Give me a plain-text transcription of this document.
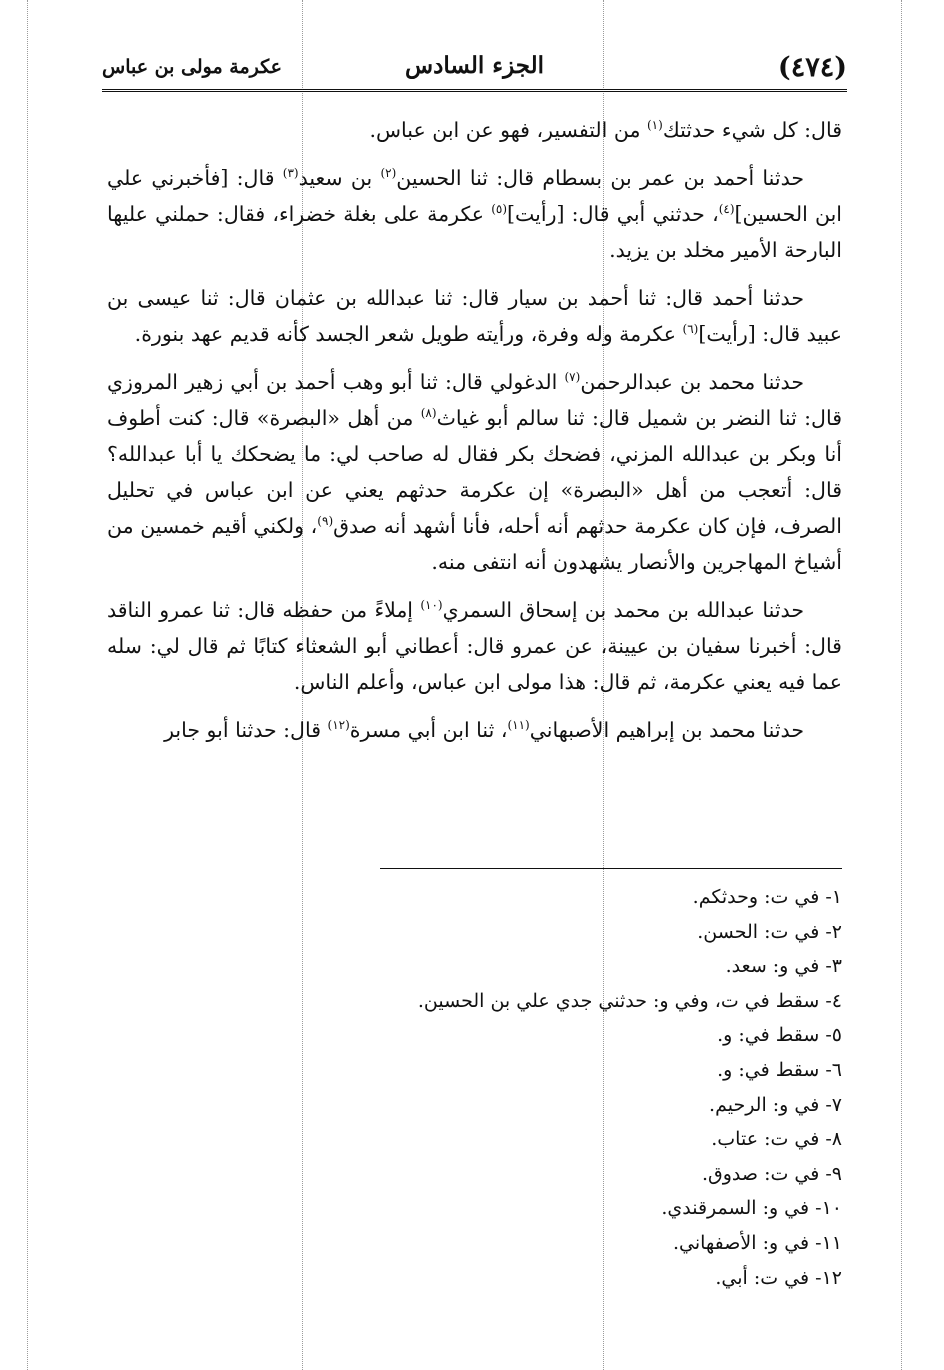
(٤٧٤)
الجزء السادس
عكرمة مولى بن عباس

قال: كل شيء حدثتك$^{(١)}$ من التفسير، فهو عن ابن عباس.

حدثنا أحمد بن عمر بن بسطام قال: ثنا الحسين$^{(٢)}$ بن سعيد$^{(٣)}$ قال: [فأخبرني علي ابن الحسين]$^{(٤)}$، حدثني أبي قال: [رأيت]$^{(٥)}$ عكرمة على بغلة خضراء، فقال: حملني عليها البارحة الأمير مخلد بن يزيد.

حدثنا أحمد قال: ثنا أحمد بن سيار قال: ثنا عبدالله بن عثمان قال: ثنا عيسى بن عبيد قال: [رأيت]$^{(٦)}$ عكرمة وله وفرة، ورأيته طويل شعر الجسد كأنه قديم عهد بنورة.

حدثنا محمد بن عبدالرحمن$^{(٧)}$ الدغولي قال: ثنا أبو وهب أحمد بن أبي زهير المروزي قال: ثنا النضر بن شميل قال: ثنا سالم أبو غياث$^{(٨)}$ من أهل «البصرة» قال: كنت أطوف أنا وبكر بن عبدالله المزني، فضحك بكر فقال له صاحب لي: ما يضحكك يا أبا عبدالله؟ قال: أتعجب من أهل «البصرة» إن عكرمة حدثهم يعني عن ابن عباس في تحليل الصرف، فإن كان عكرمة حدثهم أنه أحله، فأنا أشهد أنه صدق$^{(٩)}$، ولكني أقيم خمسين من أشياخ المهاجرين والأنصار يشهدون أنه انتفى منه.

حدثنا عبدالله بن محمد بن إسحاق السمري$^{(١٠)}$ إملاءً من حفظه قال: ثنا عمرو الناقد قال: أخبرنا سفيان بن عيينة، عن عمرو قال: أعطاني أبو الشعثاء كتابًا ثم قال لي: سله عما فيه يعني عكرمة، ثم قال: هذا مولى ابن عباس، وأعلم الناس.

حدثنا محمد بن إبراهيم الأصبهاني$^{(١١)}$، ثنا ابن أبي مسرة$^{(١٢)}$ قال: حدثنا أبو جابر

١- في ت: وحدثكم.
٢- في ت: الحسن.
٣- في و: سعد.
٤- سقط في ت، وفي و: حدثني جدي علي بن الحسين.
٥- سقط في: و.
٦- سقط في: و.
٧- في و: الرحيم.
٨- في ت: عتاب.
٩- في ت: صدوق.
١٠- في و: السمرقندي.
١١- في و: الأصفهاني.
١٢- في ت: أبي.
